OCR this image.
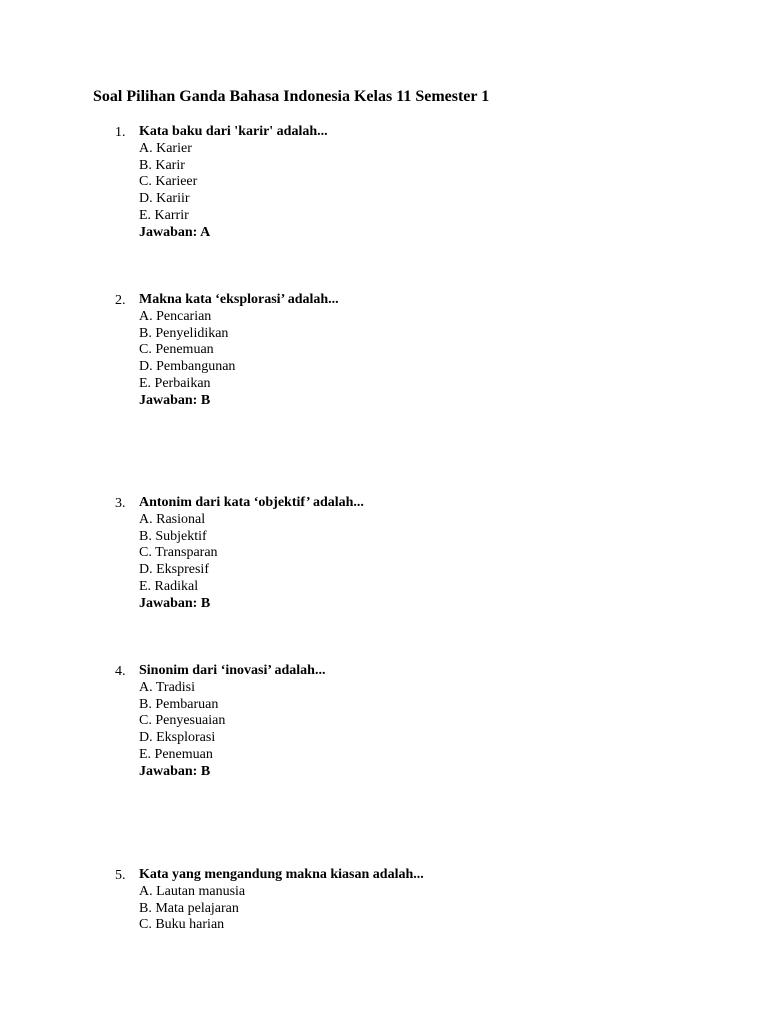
Soal Pilihan Ganda Bahasa Indonesia Kelas 11 Semester 1
1. Kata baku dari 'karir' adalah...
A. Karier
B. Karir
C. Karieer
D. Kariir
E. Karrir
Jawaban: A
2. Makna kata ‘eksplorasi’ adalah...
A. Pencarian
B. Penyelidikan
C. Penemuan
D. Pembangunan
E. Perbaikan
Jawaban: B
3. Antonim dari kata ‘objektif’ adalah...
A. Rasional
B. Subjektif
C. Transparan
D. Ekspresif
E. Radikal
Jawaban: B
4. Sinonim dari ‘inovasi’ adalah...
A. Tradisi
B. Pembaruan
C. Penyesuaian
D. Eksplorasi
E. Penemuan
Jawaban: B
5. Kata yang mengandung makna kiasan adalah...
A. Lautan manusia
B. Mata pelajaran
C. Buku harian
